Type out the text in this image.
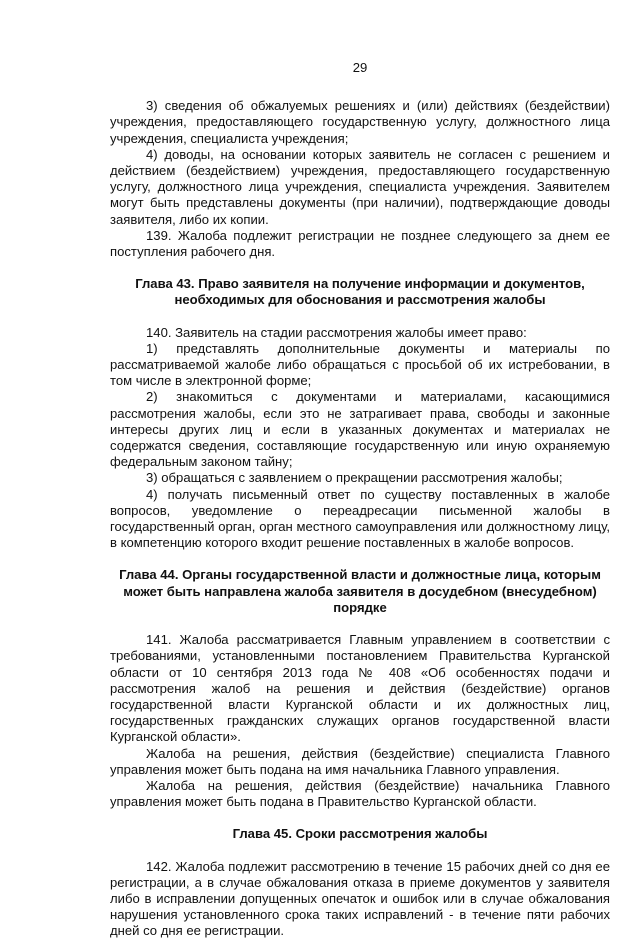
29

3) сведения об обжалуемых решениях и (или) действиях (бездействии) учреждения, предоставляющего государственную услугу, должностного лица учреждения, специалиста учреждения;

4) доводы, на основании которых заявитель не согласен с решением и действием (бездействием) учреждения, предоставляющего государственную услугу, должностного лица учреждения, специалиста учреждения. Заявителем могут быть представлены документы (при наличии), подтверждающие доводы заявителя, либо их копии.

139. Жалоба подлежит регистрации не позднее следующего за днем ее поступления рабочего дня.

Глава 43. Право заявителя на получение информации и документов, необходимых для обоснования и рассмотрения жалобы

140. Заявитель на стадии рассмотрения жалобы имеет право:

1) представлять дополнительные документы и материалы по рассматриваемой жалобе либо обращаться с просьбой об их истребовании, в том числе в электронной форме;

2) знакомиться с документами и материалами, касающимися рассмотрения жалобы, если это не затрагивает права, свободы и законные интересы других лиц и если в указанных документах и материалах не содержатся сведения, составляющие государственную или иную охраняемую федеральным законом тайну;

3) обращаться с заявлением о прекращении рассмотрения жалобы;

4) получать письменный ответ по существу поставленных в жалобе вопросов, уведомление о переадресации письменной жалобы в государственный орган, орган местного самоуправления или должностному лицу, в компетенцию которого входит решение поставленных в жалобе вопросов.

Глава 44. Органы государственной власти и должностные лица, которым может быть направлена жалоба заявителя в досудебном (внесудебном) порядке

141. Жалоба рассматривается Главным управлением в соответствии с требованиями, установленными постановлением Правительства Курганской области от 10 сентября 2013 года № 408 «Об особенностях подачи и рассмотрения жалоб на решения и действия (бездействие) органов государственной власти Курганской области и их должностных лиц, государственных гражданских служащих органов государственной власти Курганской области».

Жалоба на решения, действия (бездействие) специалиста Главного управления может быть подана на имя начальника Главного управления.

Жалоба на решения, действия (бездействие) начальника Главного управления может быть подана в Правительство Курганской области.

Глава 45. Сроки рассмотрения жалобы

142. Жалоба подлежит рассмотрению в течение 15 рабочих дней со дня ее регистрации, а в случае обжалования отказа в приеме документов у заявителя либо в исправлении допущенных опечаток и ошибок или в случае обжалования нарушения установленного срока таких исправлений - в течение пяти рабочих дней со дня ее регистрации.
